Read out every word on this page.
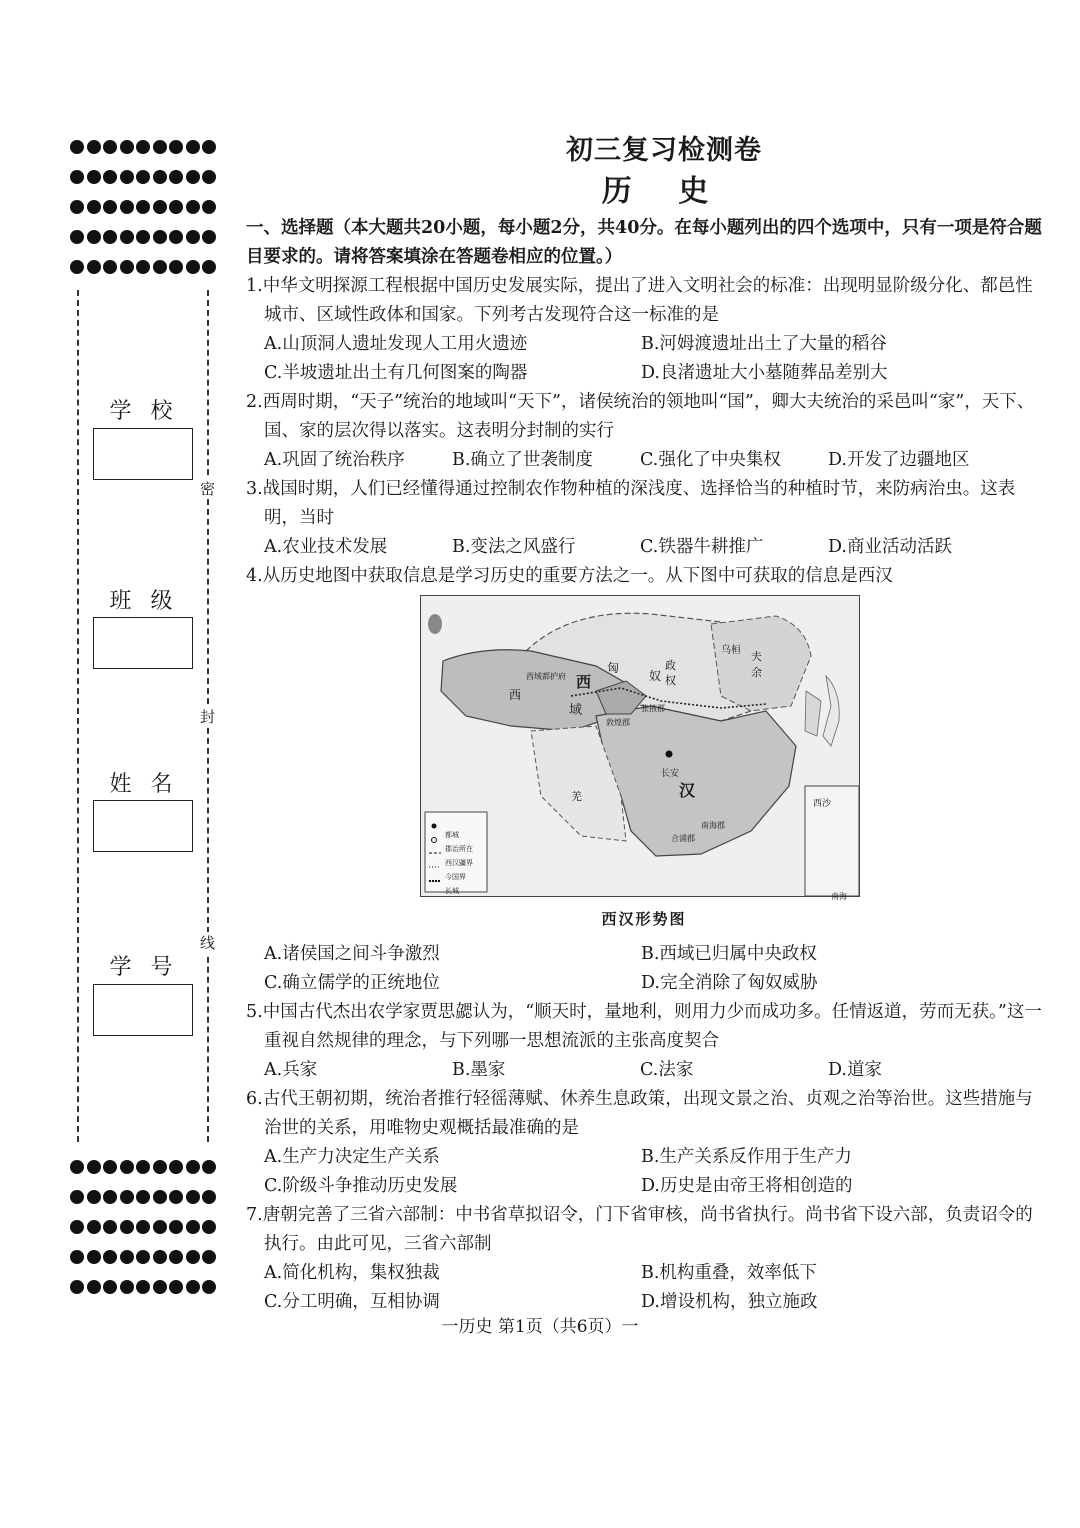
密
封
线
学 校
班 级
姓 名
学 号
初三复习检测卷
历 史
一、选择题（本大题共20小题，每小题2分，共40分。在每小题列出的四个选项中，只有一项是符合题目要求的。请将答案填涂在答题卷相应的位置。）
1.中华文明探源工程根据中国历史发展实际，提出了进入文明社会的标准：出现明显阶级分化、都邑性城市、区域性政体和国家。下列考古发现符合这一标准的是
A.山顶洞人遗址发现人工用火遗迹	B.河姆渡遗址出土了大量的稻谷
C.半坡遗址出土有几何图案的陶器	D.良渚遗址大小墓随葬品差别大
2.西周时期，“天子”统治的地域叫“天下”，诸侯统治的领地叫“国”，卿大夫统治的采邑叫“家”，天下、国、家的层次得以落实。这表明分封制的实行
A.巩固了统治秩序	B.确立了世袭制度	C.强化了中央集权	D.开发了边疆地区
3.战国时期，人们已经懂得通过控制农作物种植的深浅度、选择恰当的种植时节，来防病治虫。这表明，当时
A.农业技术发展	B.变法之风盛行	C.铁器牛耕推广	D.商业活动活跃
4.从历史地图中获取信息是学习历史的重要方法之一。从下图中可获取的信息是西汉
西
域
西
西域都护府
匈
奴
政
权
乌桓 夫
余
敦煌郡
张掖郡
长安
汉
羌
南海郡
合浦郡
西沙
南海
都城
郡治所在
西汉疆界
今国界
长城
西汉形势图
A.诸侯国之间斗争激烈	B.西域已归属中央政权
C.确立儒学的正统地位	D.完全消除了匈奴威胁
5.中国古代杰出农学家贾思勰认为，“顺天时，量地利，则用力少而成功多。任情返道，劳而无获。”这一重视自然规律的理念，与下列哪一思想流派的主张高度契合
A.兵家	B.墨家	C.法家	D.道家
6.古代王朝初期，统治者推行轻徭薄赋、休养生息政策，出现文景之治、贞观之治等治世。这些措施与治世的关系，用唯物史观概括最准确的是
A.生产力决定生产关系	B.生产关系反作用于生产力
C.阶级斗争推动历史发展	D.历史是由帝王将相创造的
7.唐朝完善了三省六部制：中书省草拟诏令，门下省审核，尚书省执行。尚书省下设六部，负责诏令的执行。由此可见，三省六部制
A.简化机构，集权独裁	B.机构重叠，效率低下
C.分工明确，互相协调	D.增设机构，独立施政
一历史 第1页（共6页）一
